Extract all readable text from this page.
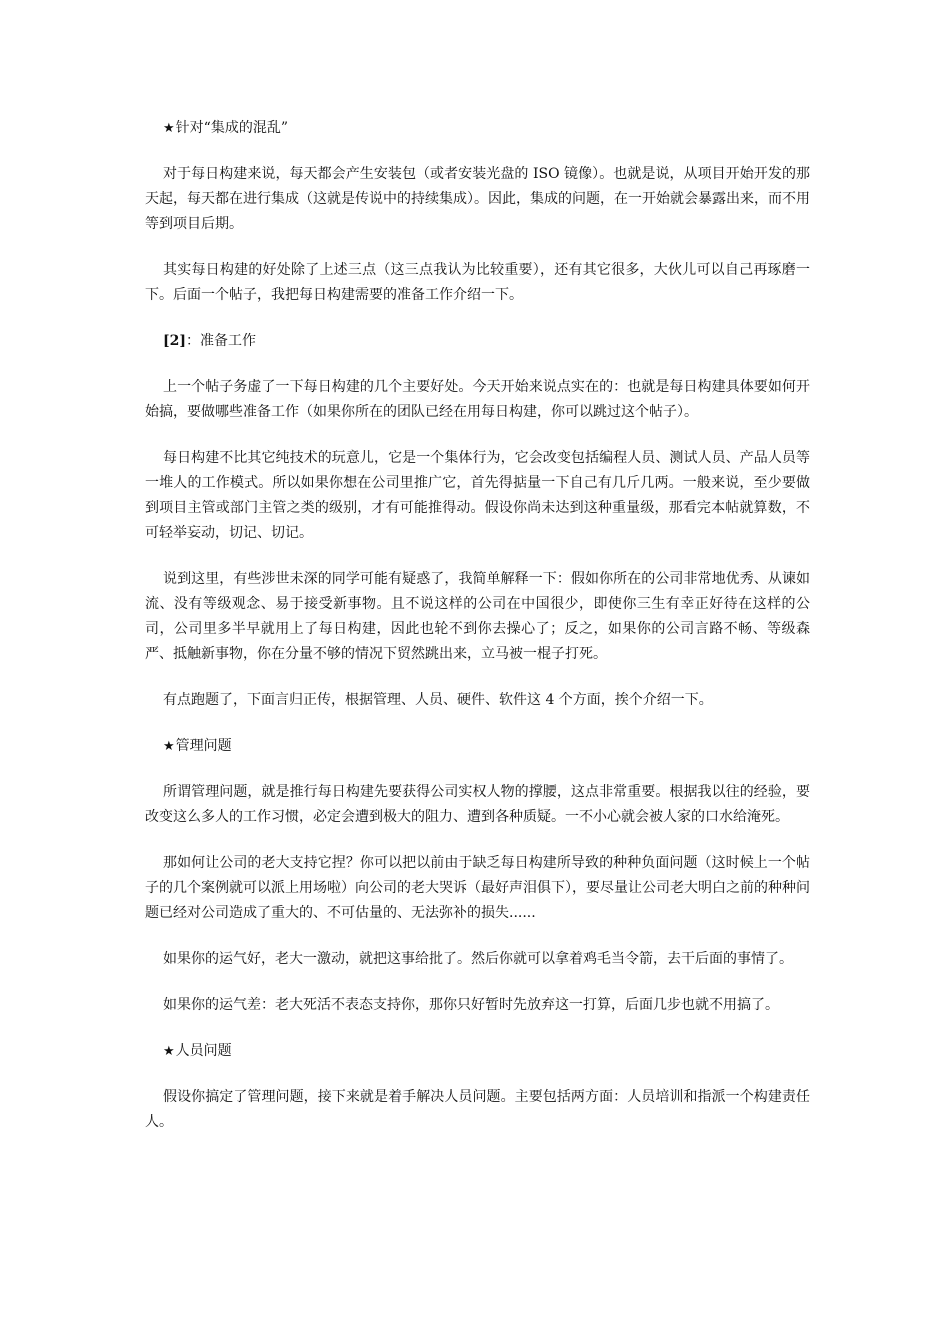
★针对“集成的混乱”

对于每日构建来说，每天都会产生安装包（或者安装光盘的 ISO 镜像）。也就是说，从项目开始开发的那天起，每天都在进行集成（这就是传说中的持续集成）。因此，集成的问题，在一开始就会暴露出来，而不用等到项目后期。

其实每日构建的好处除了上述三点（这三点我认为比较重要），还有其它很多，大伙儿可以自己再琢磨一下。后面一个帖子，我把每日构建需要的准备工作介绍一下。

[2]：准备工作

上一个帖子务虚了一下每日构建的几个主要好处。今天开始来说点实在的：也就是每日构建具体要如何开始搞，要做哪些准备工作（如果你所在的团队已经在用每日构建，你可以跳过这个帖子）。

每日构建不比其它纯技术的玩意儿，它是一个集体行为，它会改变包括编程人员、测试人员、产品人员等一堆人的工作模式。所以如果你想在公司里推广它，首先得掂量一下自己有几斤几两。一般来说，至少要做到项目主管或部门主管之类的级别，才有可能推得动。假设你尚未达到这种重量级，那看完本帖就算数，不可轻举妄动，切记、切记。

说到这里，有些涉世未深的同学可能有疑惑了，我简单解释一下：假如你所在的公司非常地优秀、从谏如流、没有等级观念、易于接受新事物。且不说这样的公司在中国很少，即使你三生有幸正好待在这样的公司，公司里多半早就用上了每日构建，因此也轮不到你去操心了；反之，如果你的公司言路不畅、等级森严、抵触新事物，你在分量不够的情况下贸然跳出来，立马被一棍子打死。

有点跑题了，下面言归正传，根据管理、人员、硬件、软件这 4 个方面，挨个介绍一下。

★管理问题

所谓管理问题，就是推行每日构建先要获得公司实权人物的撑腰，这点非常重要。根据我以往的经验，要改变这么多人的工作习惯，必定会遭到极大的阻力、遭到各种质疑。一不小心就会被人家的口水给淹死。

那如何让公司的老大支持它捏？你可以把以前由于缺乏每日构建所导致的种种负面问题（这时候上一个帖子的几个案例就可以派上用场啦）向公司的老大哭诉（最好声泪俱下），要尽量让公司老大明白之前的种种问题已经对公司造成了重大的、不可估量的、无法弥补的损失......

如果你的运气好，老大一激动，就把这事给批了。然后你就可以拿着鸡毛当令箭，去干后面的事情了。

如果你的运气差：老大死活不表态支持你，那你只好暂时先放弃这一打算，后面几步也就不用搞了。

★人员问题

假设你搞定了管理问题，接下来就是着手解决人员问题。主要包括两方面：人员培训和指派一个构建责任人。
